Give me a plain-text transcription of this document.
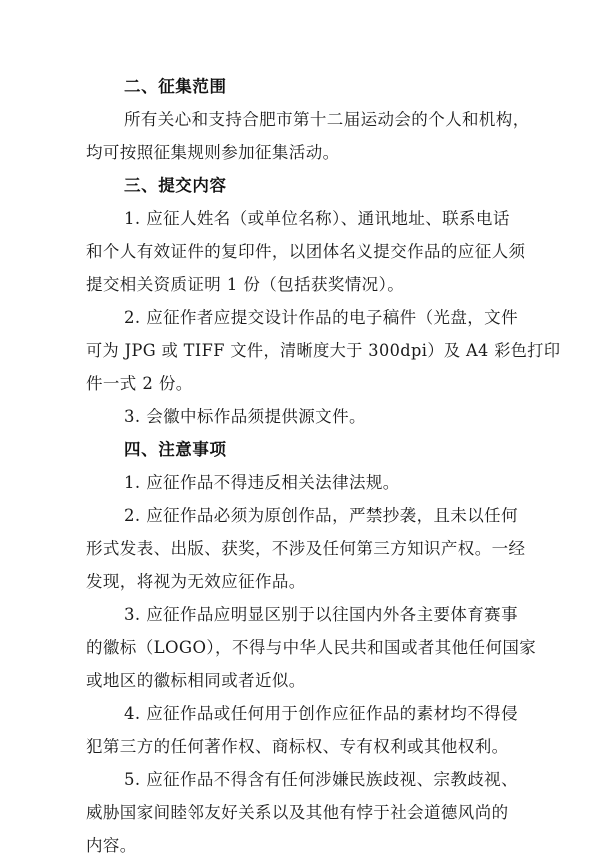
二、征集范围
所有关心和支持合肥市第十二届运动会的个人和机构，
均可按照征集规则参加征集活动。
三、提交内容
1. 应征人姓名（或单位名称）、通讯地址、联系电话
和个人有效证件的复印件，以团体名义提交作品的应征人须
提交相关资质证明 1 份（包括获奖情况）。
2. 应征作者应提交设计作品的电子稿件（光盘，文件
可为 JPG 或 TIFF 文件，清晰度大于 300dpi）及 A4 彩色打印
件一式 2 份。
3. 会徽中标作品须提供源文件。
四、注意事项
1. 应征作品不得违反相关法律法规。
2. 应征作品必须为原创作品，严禁抄袭，且未以任何
形式发表、出版、获奖，不涉及任何第三方知识产权。一经
发现，将视为无效应征作品。
3. 应征作品应明显区别于以往国内外各主要体育赛事
的徽标（LOGO），不得与中华人民共和国或者其他任何国家
或地区的徽标相同或者近似。
4. 应征作品或任何用于创作应征作品的素材均不得侵
犯第三方的任何著作权、商标权、专有权利或其他权利。
5. 应征作品不得含有任何涉嫌民族歧视、宗教歧视、
威胁国家间睦邻友好关系以及其他有悖于社会道德风尚的
内容。
